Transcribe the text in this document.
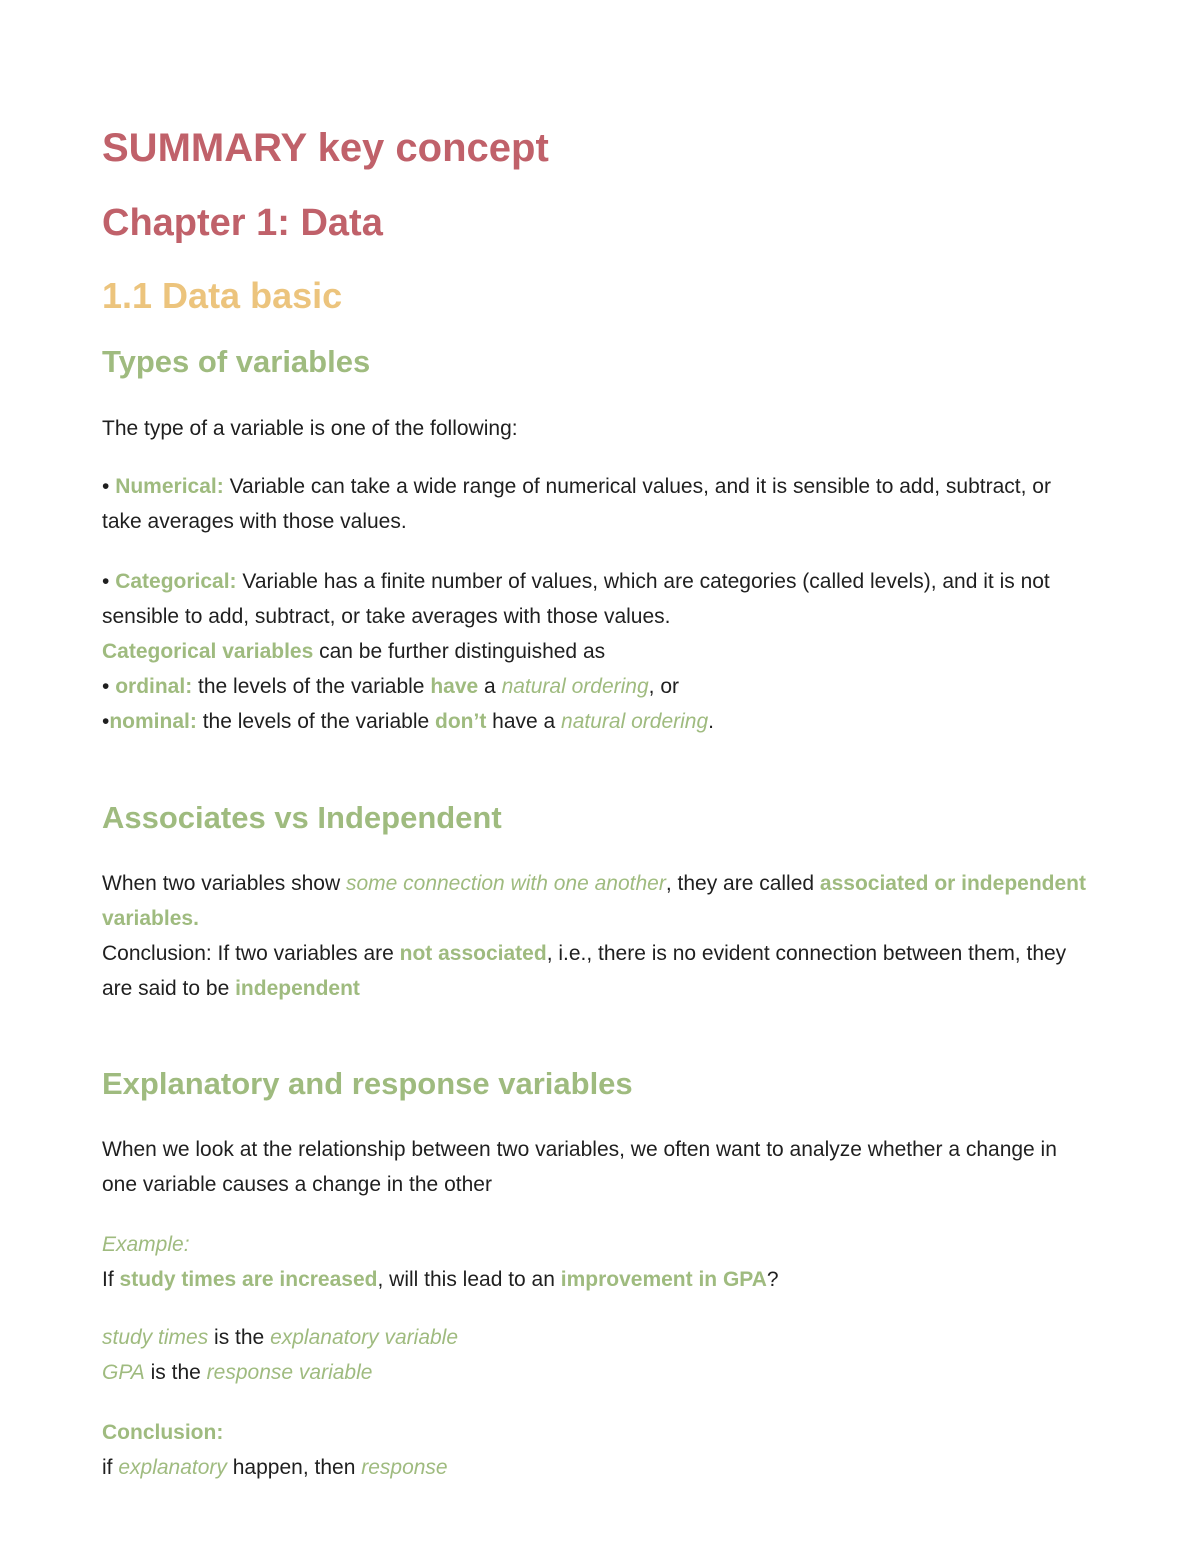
SUMMARY key concept
Chapter 1: Data
1.1 Data basic
Types of variables

The type of a variable is one of the following:

• Numerical: Variable can take a wide range of numerical values, and it is sensible to add, subtract, or take averages with those values.

• Categorical: Variable has a finite number of values, which are categories (called levels), and it is not sensible to add, subtract, or take averages with those values.
Categorical variables can be further distinguished as
• ordinal: the levels of the variable have a natural ordering, or
•nominal: the levels of the variable don’t have a natural ordering.

Associates vs Independent

When two variables show some connection with one another, they are called associated or independent variables.
Conclusion: If two variables are not associated, i.e., there is no evident connection between them, they are said to be independent

Explanatory and response variables

When we look at the relationship between two variables, we often want to analyze whether a change in one variable causes a change in the other

Example:
If study times are increased, will this lead to an improvement in GPA?

study times is the explanatory variable
GPA is the response variable

Conclusion:
if explanatory happen, then response
